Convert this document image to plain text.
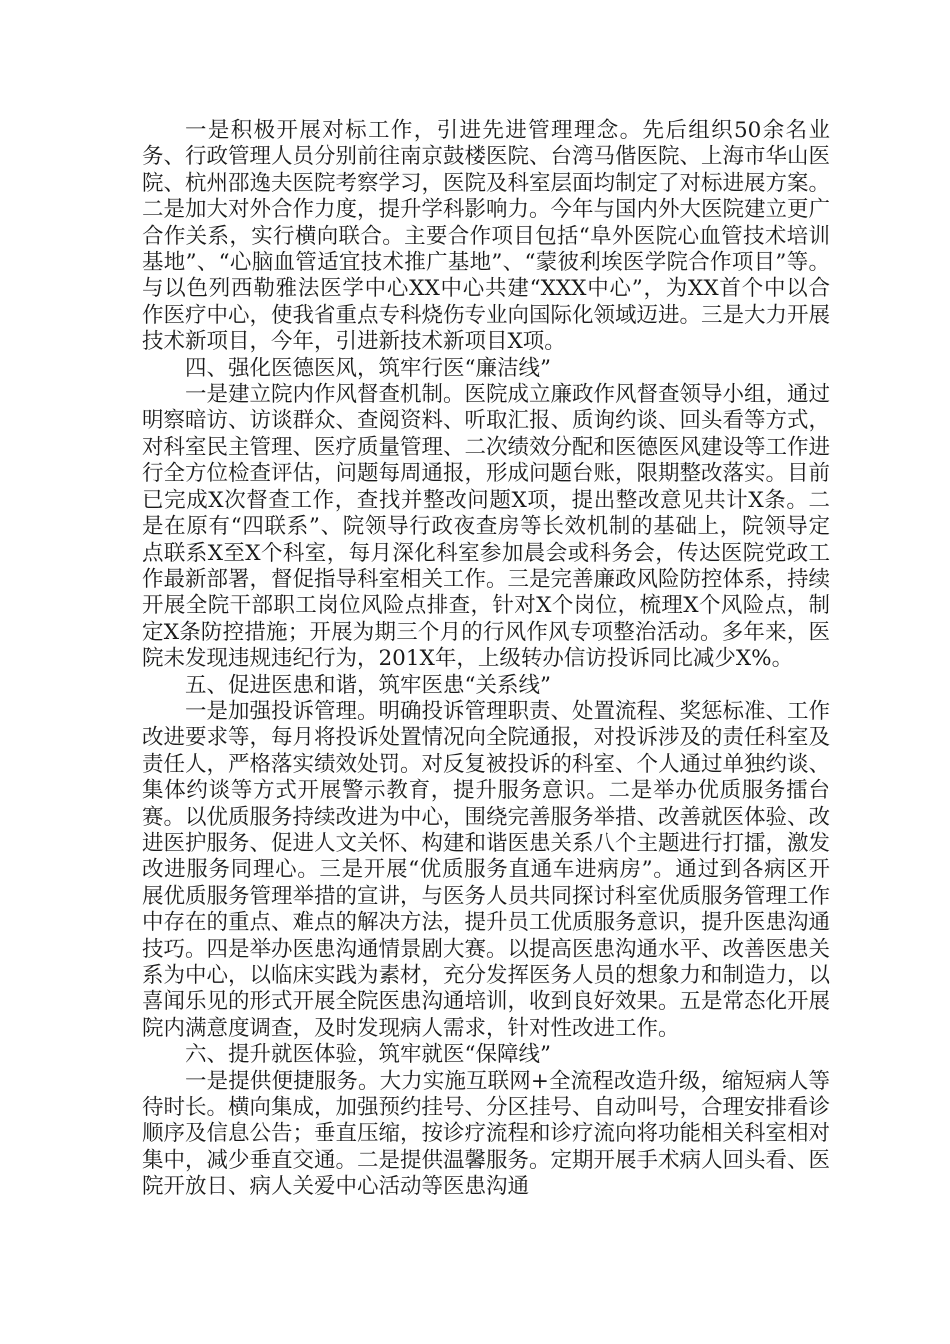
一是积极开展对标工作，引进先进管理理念。先后组织50余名业务、行政管理人员分别前往南京鼓楼医院、台湾马偕医院、上海市华山医院、杭州邵逸夫医院考察学习，医院及科室层面均制定了对标进展方案。二是加大对外合作力度，提升学科影响力。今年与国内外大医院建立更广合作关系，实行横向联合。主要合作项目包括“阜外医院心血管技术培训基地”、“心脑血管适宜技术推广基地”、“蒙彼利埃医学院合作项目”等。与以色列西勒雅法医学中心XX中心共建“XXX中心”，为XX首个中以合作医疗中心，使我省重点专科烧伤专业向国际化领域迈进。三是大力开展技术新项目，今年，引进新技术新项目X项。

四、强化医德医风，筑牢行医“廉洁线”

一是建立院内作风督查机制。医院成立廉政作风督查领导小组，通过明察暗访、访谈群众、查阅资料、听取汇报、质询约谈、回头看等方式，对科室民主管理、医疗质量管理、二次绩效分配和医德医风建设等工作进行全方位检查评估，问题每周通报，形成问题台账，限期整改落实。目前已完成X次督查工作，查找并整改问题X项，提出整改意见共计X条。二是在原有“四联系”、院领导行政夜查房等长效机制的基础上，院领导定点联系X至X个科室，每月深化科室参加晨会或科务会，传达医院党政工作最新部署，督促指导科室相关工作。三是完善廉政风险防控体系，持续开展全院干部职工岗位风险点排查，针对X个岗位，梳理X个风险点，制定X条防控措施；开展为期三个月的行风作风专项整治活动。多年来，医院未发现违规违纪行为，201X年，上级转办信访投诉同比减少X%。

五、促进医患和谐，筑牢医患“关系线”

一是加强投诉管理。明确投诉管理职责、处置流程、奖惩标准、工作改进要求等，每月将投诉处置情况向全院通报，对投诉涉及的责任科室及责任人，严格落实绩效处罚。对反复被投诉的科室、个人通过单独约谈、集体约谈等方式开展警示教育，提升服务意识。二是举办优质服务擂台赛。以优质服务持续改进为中心，围绕完善服务举措、改善就医体验、改进医护服务、促进人文关怀、构建和谐医患关系八个主题进行打擂，激发改进服务同理心。三是开展“优质服务直通车进病房”。通过到各病区开展优质服务管理举措的宣讲，与医务人员共同探讨科室优质服务管理工作中存在的重点、难点的解决方法，提升员工优质服务意识，提升医患沟通技巧。四是举办医患沟通情景剧大赛。以提高医患沟通水平、改善医患关系为中心，以临床实践为素材，充分发挥医务人员的想象力和制造力，以喜闻乐见的形式开展全院医患沟通培训，收到良好效果。五是常态化开展院内满意度调查，及时发现病人需求，针对性改进工作。

六、提升就医体验，筑牢就医“保障线”

一是提供便捷服务。大力实施互联网+全流程改造升级，缩短病人等待时长。横向集成，加强预约挂号、分区挂号、自动叫号，合理安排看诊顺序及信息公告；垂直压缩，按诊疗流程和诊疗流向将功能相关科室相对集中，减少垂直交通。二是提供温馨服务。定期开展手术病人回头看、医院开放日、病人关爱中心活动等医患沟通
